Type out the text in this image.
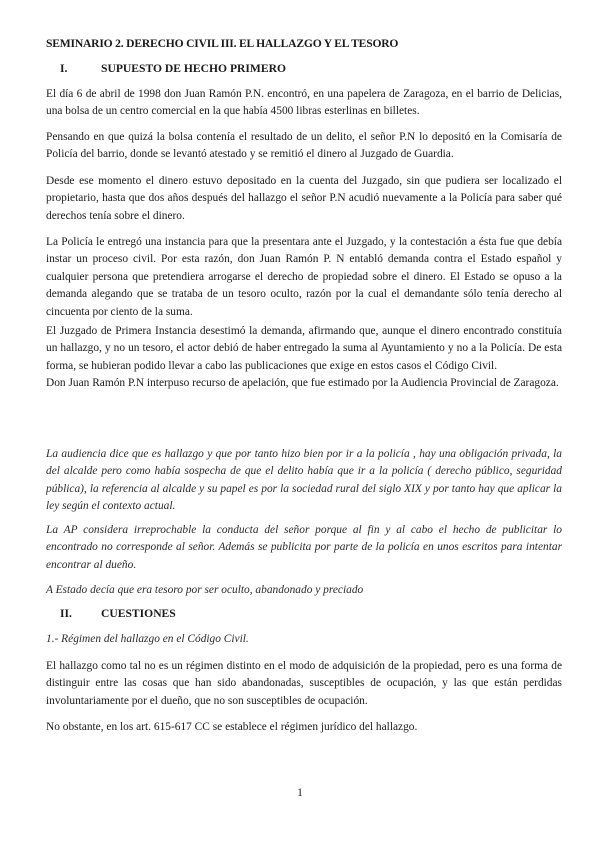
SEMINARIO 2. DERECHO CIVIL III. EL HALLAZGO Y EL TESORO
I.	SUPUESTO DE HECHO PRIMERO

El día 6 de abril de 1998 don Juan Ramón P.N. encontró, en una papelera de Zaragoza, en el barrio de Delicias, una bolsa de un centro comercial en la que había 4500 libras esterlinas en billetes.

Pensando en que quizá la bolsa contenía el resultado de un delito, el señor P.N lo depositó en la Comisaría de Policía del barrio, donde se levantó atestado y se remitió el dinero al Juzgado de Guardia.

Desde ese momento el dinero estuvo depositado en la cuenta del Juzgado, sin que pudiera ser localizado el propietario, hasta que dos años después del hallazgo el señor P.N acudió nuevamente a la Policía para saber qué derechos tenía sobre el dinero.

La Policía le entregó una instancia para que la presentara ante el Juzgado, y la contestación a ésta fue que debía instar un proceso civil. Por esta razón, don Juan Ramón P. N entabló demanda contra el Estado español y cualquier persona que pretendiera arrogarse el derecho de propiedad sobre el dinero. El Estado se opuso a la demanda alegando que se trataba de un tesoro oculto, razón por la cual el demandante sólo tenía derecho al cincuenta por ciento de la suma.

El Juzgado de Primera Instancia desestimó la demanda, afirmando que, aunque el dinero encontrado constituía un hallazgo, y no un tesoro, el actor debió de haber entregado la suma al Ayuntamiento y no a la Policía. De esta forma, se hubieran podido llevar a cabo las publicaciones que exige en estos casos el Código Civil.

Don Juan Ramón P.N interpuso recurso de apelación, que fue estimado por la Audiencia Provincial de Zaragoza.

La audiencia dice que es hallazgo y que por tanto hizo bien por ir a la policía , hay una obligación privada, la del alcalde pero como había sospecha de que el delito había que ir a la policía ( derecho público, seguridad pública), la referencia al alcalde y su papel es por la sociedad rural del siglo XIX y por tanto hay que aplicar la ley según el contexto actual.

La AP considera irreprochable la conducta del señor porque al fin y al cabo el hecho de publicitar lo encontrado no corresponde al señor. Además se publicita por parte de la policía en unos escritos para intentar encontrar al dueño.

A Estado decía que era tesoro por ser oculto, abandonado y preciado

II.	CUESTIONES

1.- Régimen del hallazgo en el Código Civil.

El hallazgo como tal no es un régimen distinto en el modo de adquisición de la propiedad, pero es una forma de distinguir entre las cosas que han sido abandonadas, susceptibles de ocupación, y las que están perdidas involuntariamente por el dueño, que no son susceptibles de ocupación.

No obstante, en los art. 615-617 CC se establece el régimen jurídico del hallazgo.

1
